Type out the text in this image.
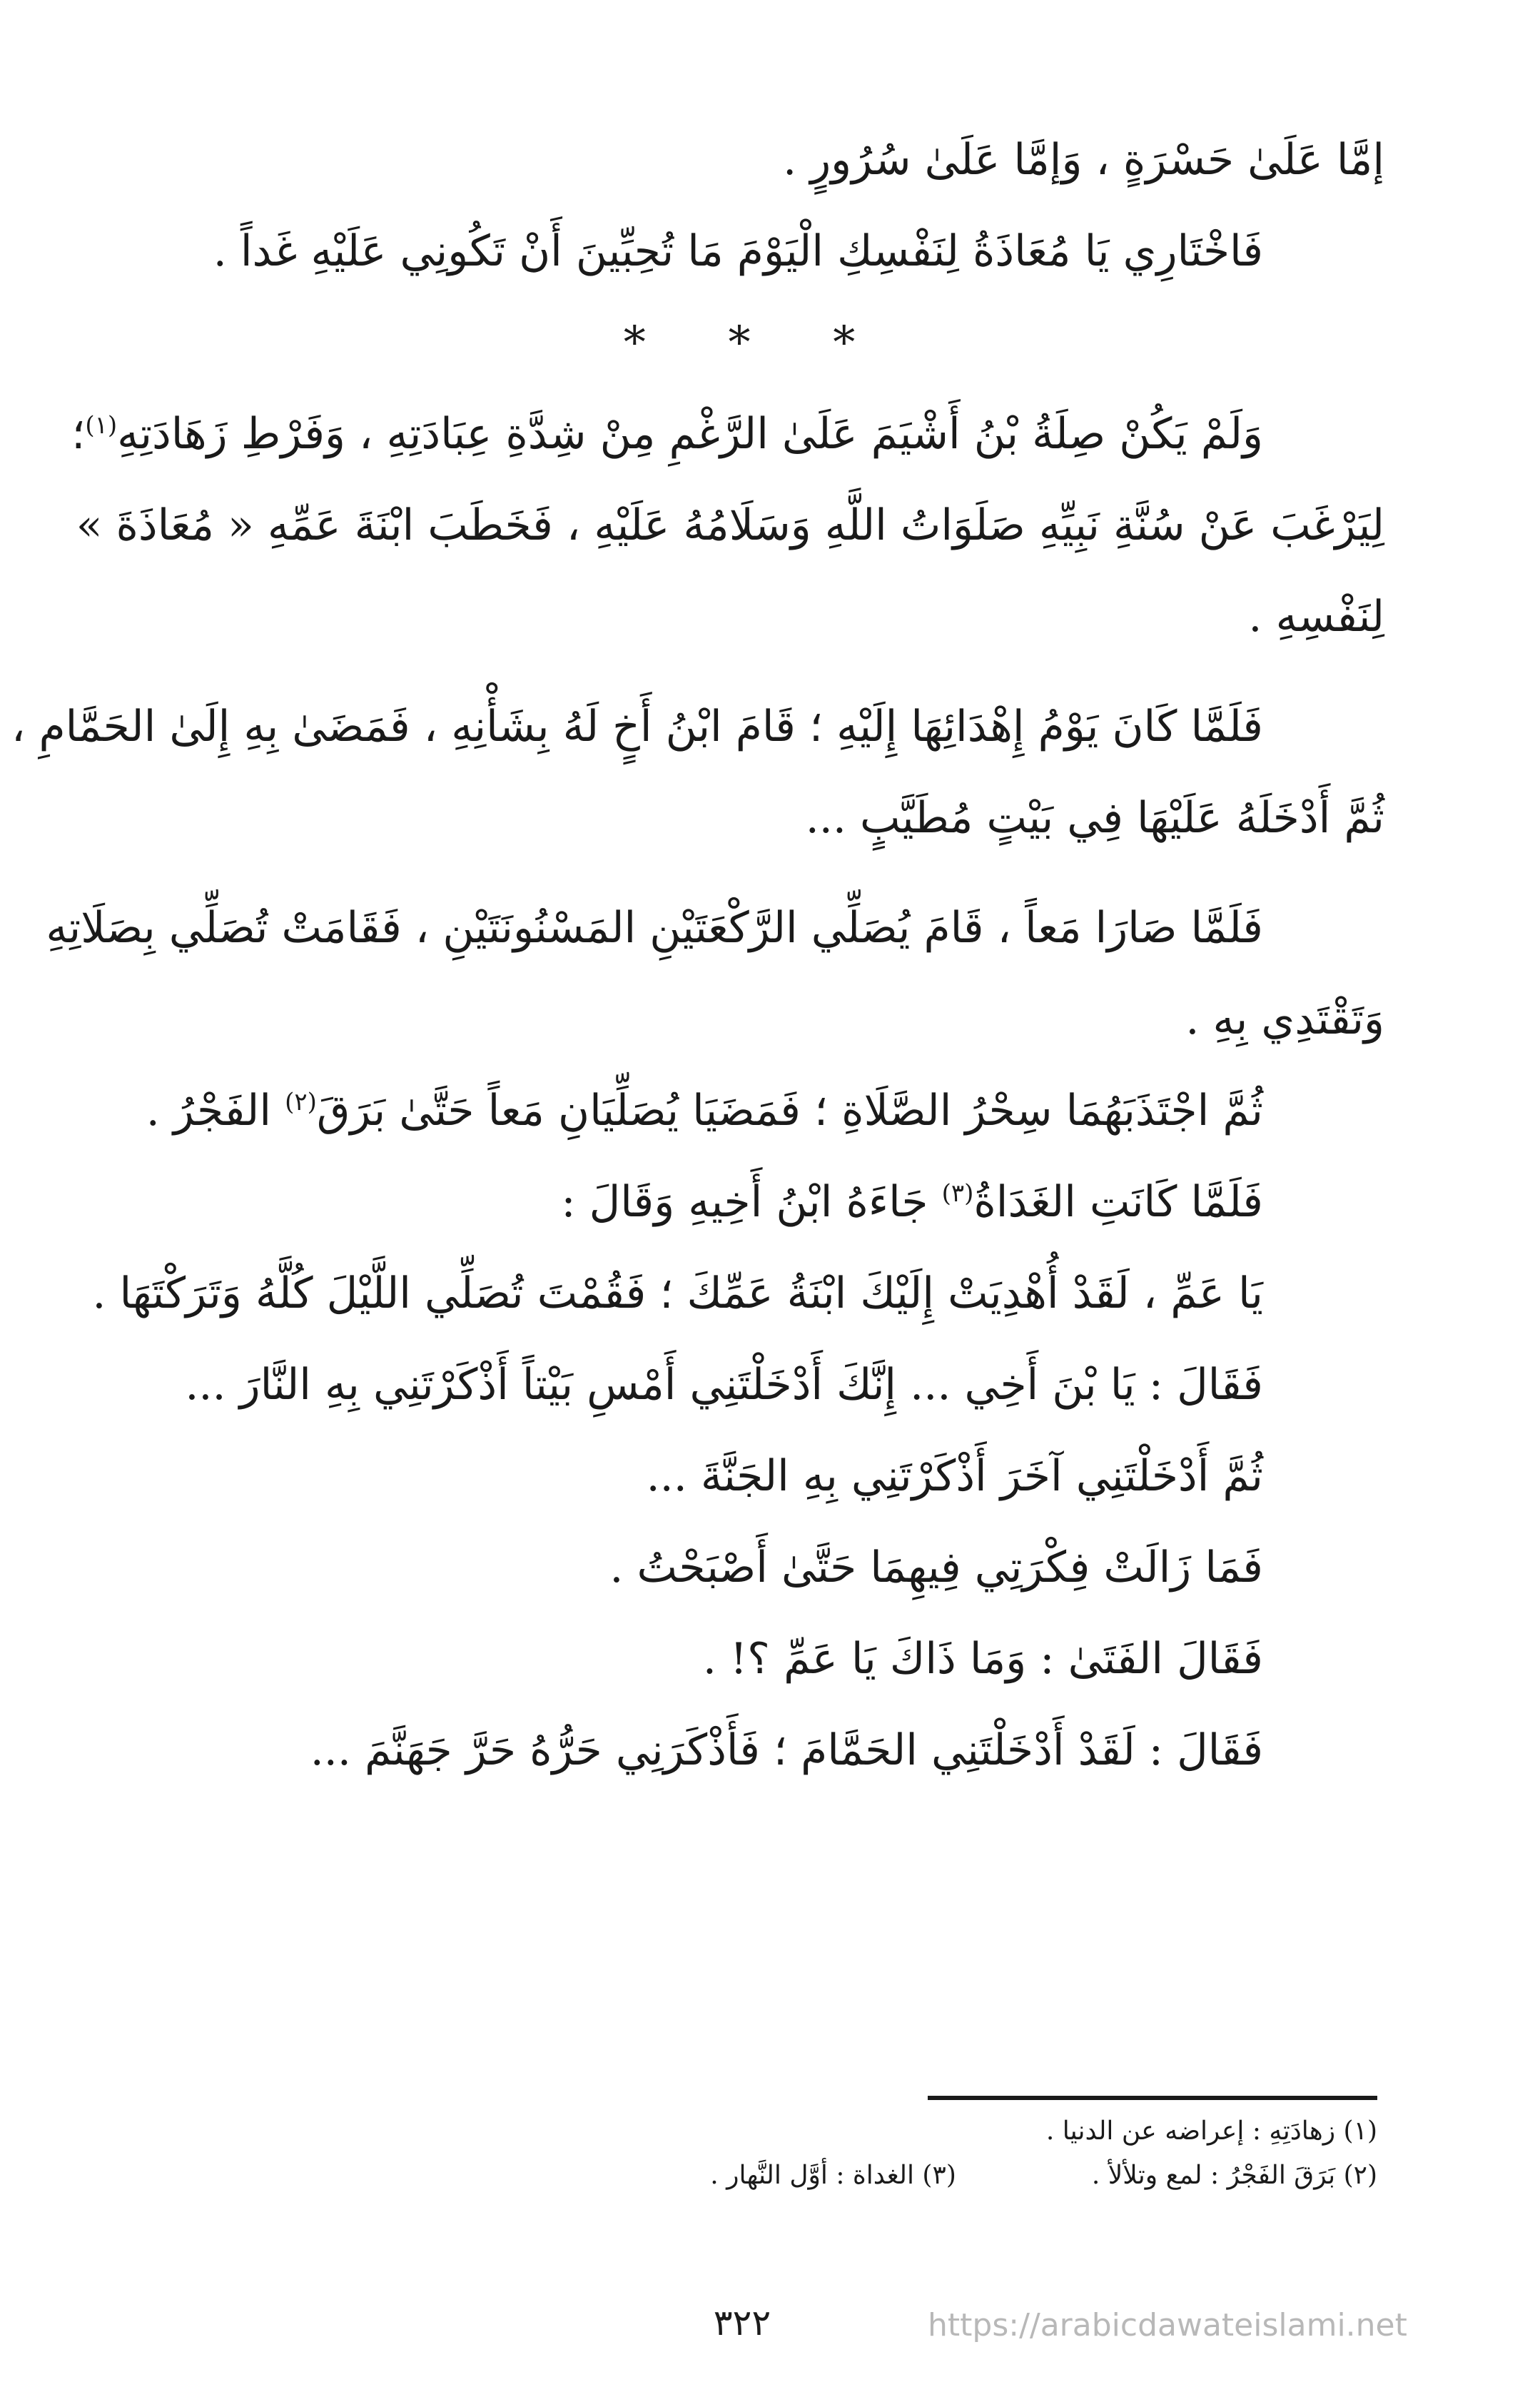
إمَّا عَلَىٰ حَسْرَةٍ ، وَإمَّا عَلَىٰ سُرُورٍ .
فَاخْتَارِي يَا مُعَاذَةُ لِنَفْسِكِ الْيَوْمَ مَا تُحِبِّينَ أَنْ تَكُونِي عَلَيْهِ غَداً .
* * *
وَلَمْ يَكُنْ صِلَةُ بْنُ أَشْيَمَ عَلَىٰ الرَّغْمِ مِنْ شِدَّةِ عِبَادَتِهِ ، وَفَرْطِ زَهَادَتِهِ$^{(١)}$؛
لِيَرْغَبَ عَنْ سُنَّةِ نَبِيِّهِ صَلَوَاتُ اللَّهِ وَسَلَامُهُ عَلَيْهِ ، فَخَطَبَ ابْنَةَ عَمِّهِ « مُعَاذَةَ »
لِنَفْسِهِ .
فَلَمَّا كَانَ يَوْمُ إِهْدَائِهَا إِلَيْهِ ؛ قَامَ ابْنُ أَخٍ لَهُ بِشَأْنِهِ ، فَمَضَىٰ بِهِ إِلَىٰ الحَمَّامِ ،
ثُمَّ أَدْخَلَهُ عَلَيْهَا فِي بَيْتٍ مُطَيَّبٍ ...
فَلَمَّا صَارَا مَعاً ، قَامَ يُصَلِّي الرَّكْعَتَيْنِ المَسْنُونَتَيْنِ ، فَقَامَتْ تُصَلِّي بِصَلَاتِهِ
وَتَقْتَدِي بِهِ .
ثُمَّ اجْتَذَبَهُمَا سِحْرُ الصَّلَاةِ ؛ فَمَضَيَا يُصَلِّيَانِ مَعاً حَتَّىٰ بَرَقَ$^{(٢)}$ الفَجْرُ .
فَلَمَّا كَانَتِ الغَدَاةُ$^{(٣)}$ جَاءَهُ ابْنُ أَخِيهِ وَقَالَ :
يَا عَمِّ ، لَقَدْ أُهْدِيَتْ إِلَيْكَ ابْنَةُ عَمِّكَ ؛ فَقُمْتَ تُصَلِّي اللَّيْلَ كُلَّهُ وَتَرَكْتَهَا .
فَقَالَ : يَا بْنَ أَخِي ... إِنَّكَ أَدْخَلْتَنِي أَمْسِ بَيْتاً أَذْكَرْتَنِي بِهِ النَّارَ ...
ثُمَّ أَدْخَلْتَنِي آخَرَ أَذْكَرْتَنِي بِهِ الجَنَّةَ ...
فَمَا زَالَتْ فِكْرَتِي فِيهِمَا حَتَّىٰ أَصْبَحْتُ .
فَقَالَ الفَتَىٰ : وَمَا ذَاكَ يَا عَمِّ ؟! .
فَقَالَ : لَقَدْ أَدْخَلْتَنِي الحَمَّامَ ؛ فَأَذْكَرَنِي حَرُّهُ حَرَّ جَهَنَّمَ ...
(١) زهادَتِهِ : إعراضه عن الدنيا .
(٢) بَرَقَ الفَجْرُ : لمع وتلألأ .
(٣) الغداة : أوَّل النَّهار .
٣٢٢	https://arabicdawateislami.net
